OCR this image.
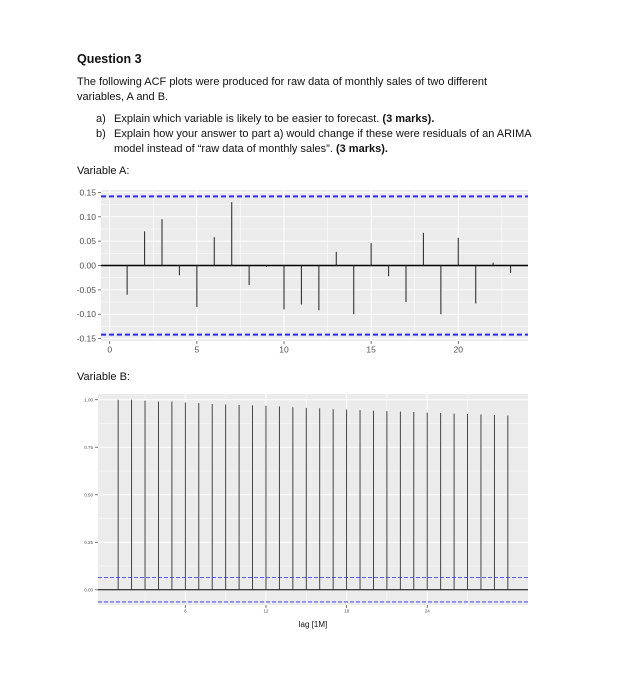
Question 3
The following ACF plots were produced for raw data of monthly sales of two different variables, A and B.
a) Explain which variable is likely to be easier to forecast. (3 marks).
b) Explain how your answer to part a) would change if these were residuals of an ARIMA model instead of “raw data of monthly sales”. (3 marks).
Variable A:
-0.15
-0.10
-0.05
0.00
0.05
0.10
0.15
0	5	10	15	20
Variable B:
0.00
0.25
0.50
0.75
1.00
6	12	18	24
lag [1M]
